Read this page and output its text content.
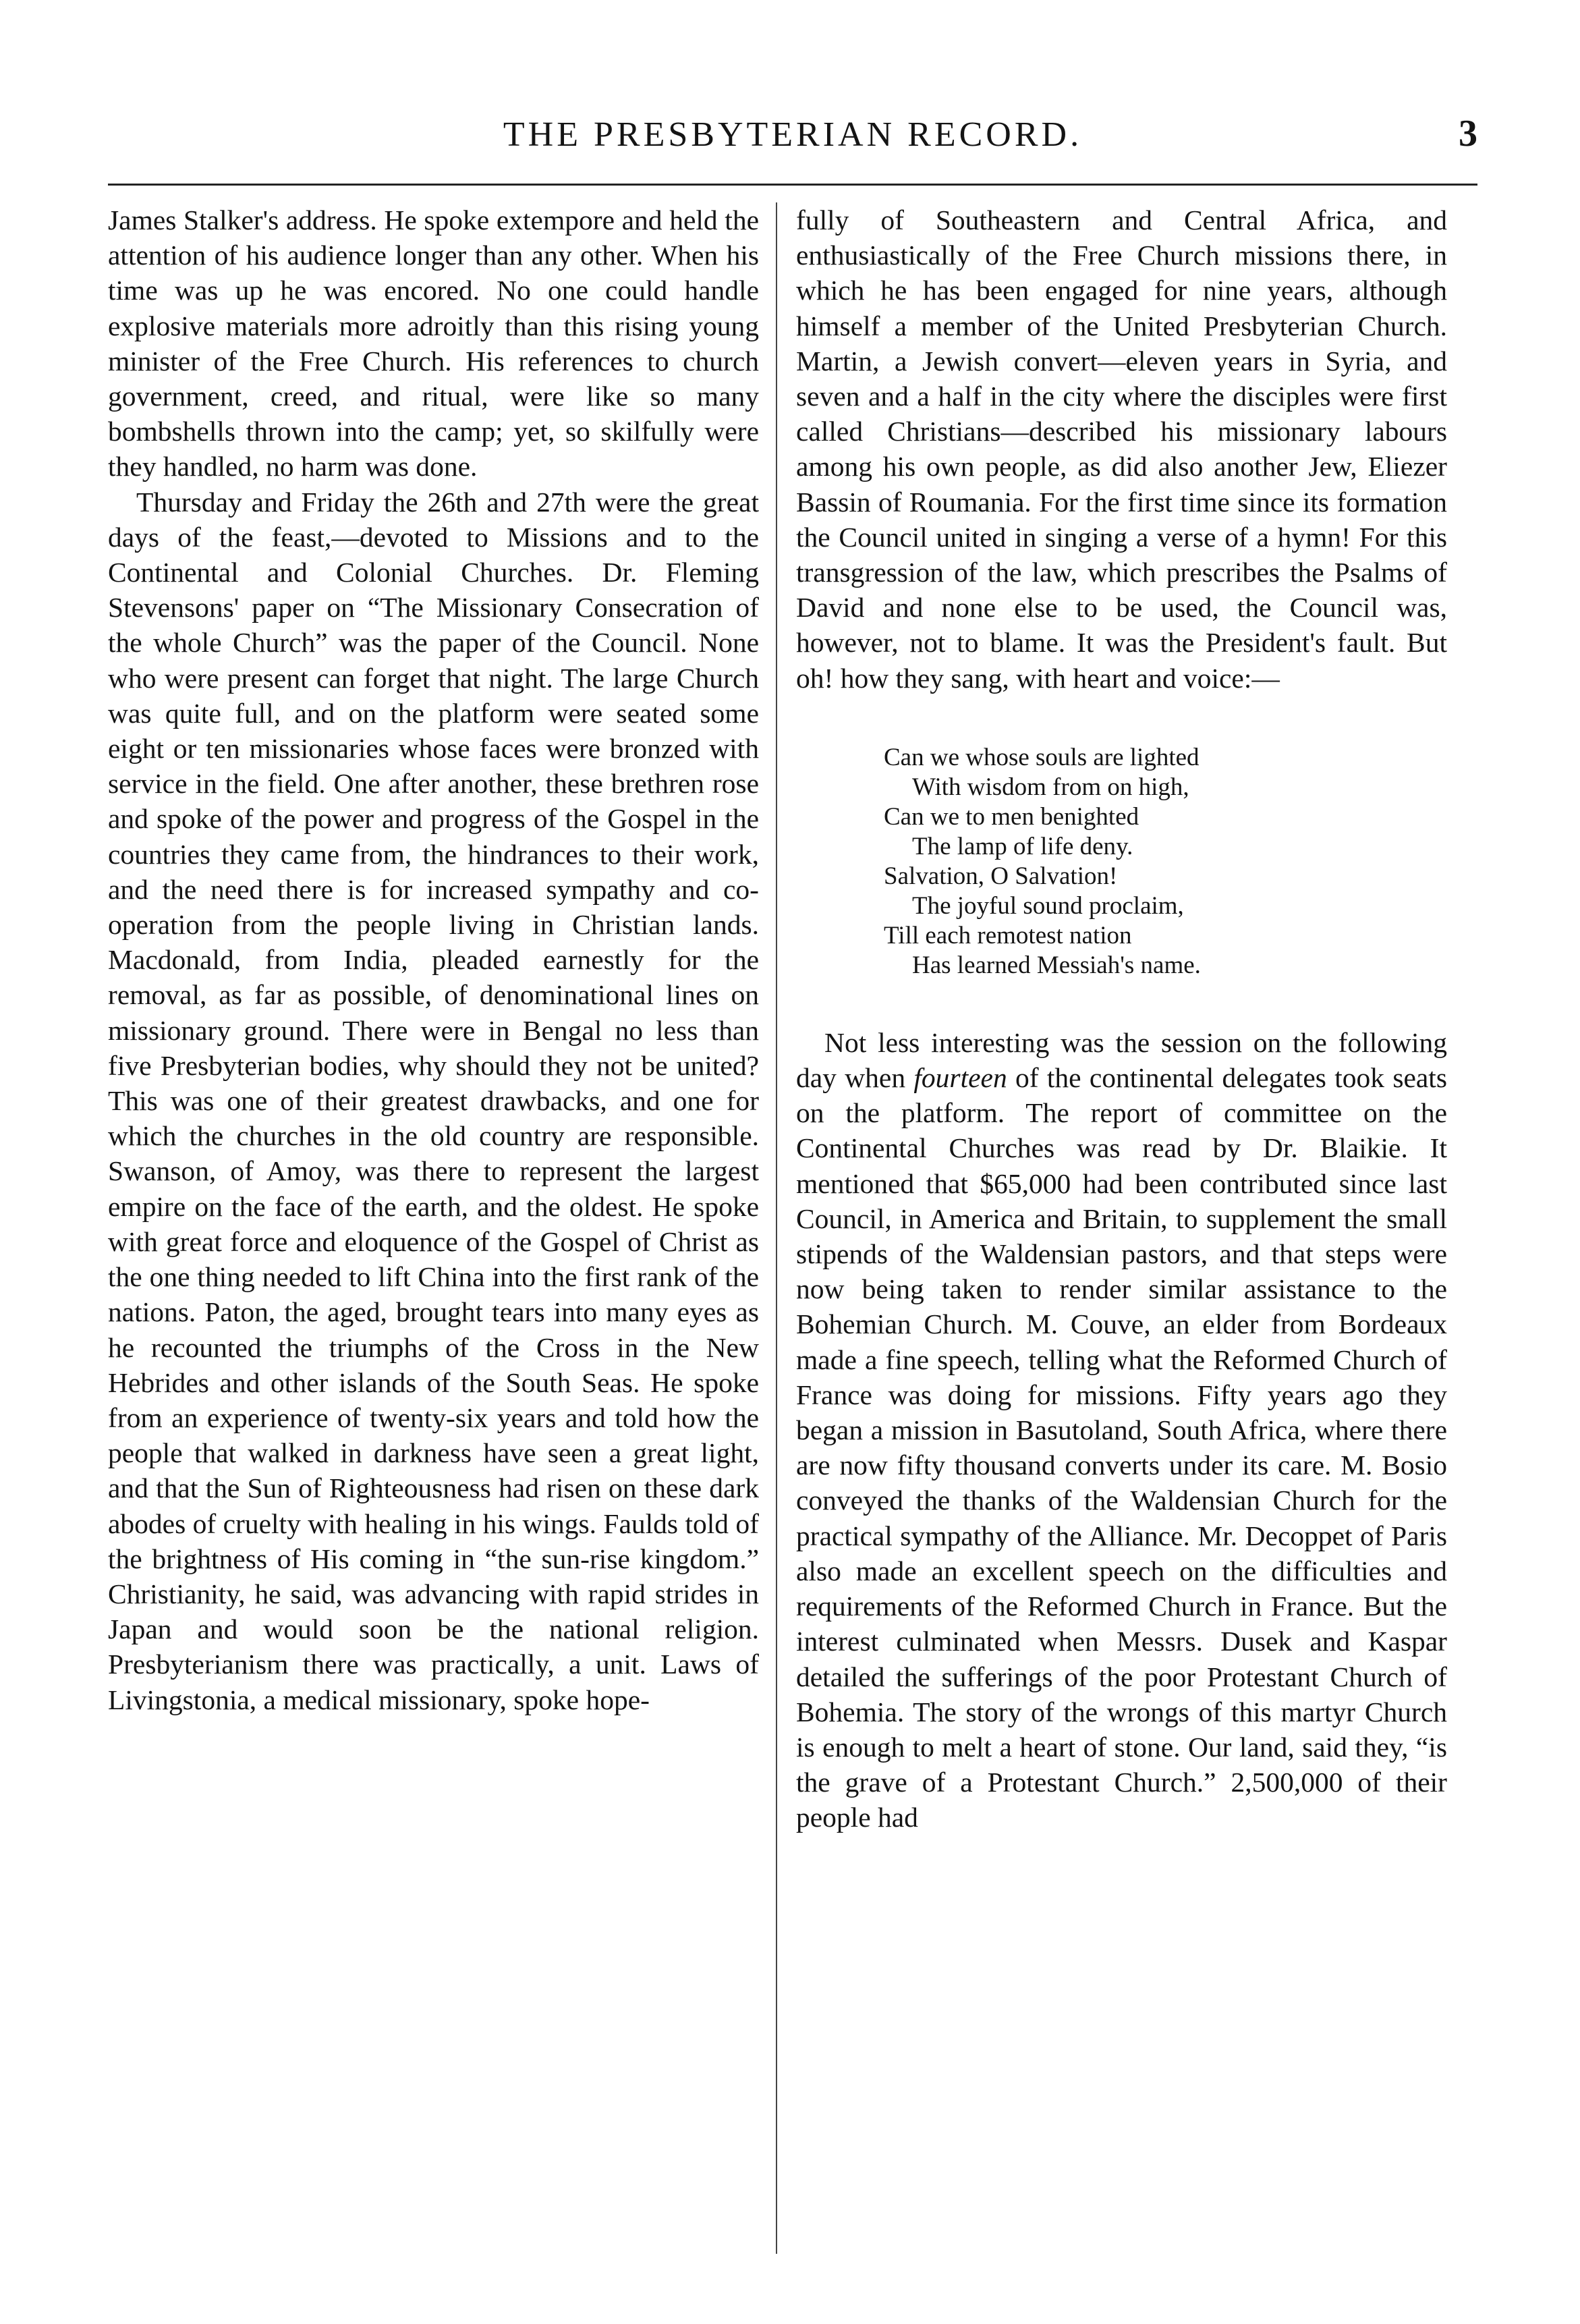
THE PRESBYTERIAN RECORD.	3

James Stalker's address. He spoke extempore and held the attention of his audience longer than any other. When his time was up he was encored. No one could handle explosive materials more adroitly than this rising young minister of the Free Church. His references to church government, creed, and ritual, were like so many bombshells thrown into the camp; yet, so skilfully were they handled, no harm was done.

Thursday and Friday the 26th and 27th were the great days of the feast,—devoted to Missions and to the Continental and Colonial Churches. Dr. Fleming Stevensons' paper on “The Missionary Consecration of the whole Church” was the paper of the Council. None who were present can forget that night. The large Church was quite full, and on the platform were seated some eight or ten missionaries whose faces were bronzed with service in the field. One after another, these brethren rose and spoke of the power and progress of the Gospel in the countries they came from, the hindrances to their work, and the need there is for increased sympathy and co-operation from the people living in Christian lands. Macdonald, from India, pleaded earnestly for the removal, as far as possible, of denominational lines on missionary ground. There were in Bengal no less than five Presbyterian bodies, why should they not be united? This was one of their greatest drawbacks, and one for which the churches in the old country are responsible. Swanson, of Amoy, was there to represent the largest empire on the face of the earth, and the oldest. He spoke with great force and eloquence of the Gospel of Christ as the one thing needed to lift China into the first rank of the nations. Paton, the aged, brought tears into many eyes as he recounted the triumphs of the Cross in the New Hebrides and other islands of the South Seas. He spoke from an experience of twenty-six years and told how the people that walked in darkness have seen a great light, and that the Sun of Righteousness had risen on these dark abodes of cruelty with healing in his wings. Faulds told of the brightness of His coming in “the sun-rise kingdom.” Christianity, he said, was advancing with rapid strides in Japan and would soon be the national religion. Presbyterianism there was practically, a unit. Laws of Livingstonia, a medical missionary, spoke hope-

fully of Southeastern and Central Africa, and enthusiastically of the Free Church missions there, in which he has been engaged for nine years, although himself a member of the United Presbyterian Church. Martin, a Jewish convert—eleven years in Syria, and seven and a half in the city where the disciples were first called Christians—described his missionary labours among his own people, as did also another Jew, Eliezer Bassin of Roumania. For the first time since its formation the Council united in singing a verse of a hymn! For this transgression of the law, which prescribes the Psalms of David and none else to be used, the Council was, however, not to blame. It was the President's fault. But oh! how they sang, with heart and voice:—

Can we whose souls are lighted
With wisdom from on high,
Can we to men benighted
The lamp of life deny.
Salvation, O Salvation!
The joyful sound proclaim,
Till each remotest nation
Has learned Messiah's name.

Not less interesting was the session on the following day when fourteen of the continental delegates took seats on the platform. The report of committee on the Continental Churches was read by Dr. Blaikie. It mentioned that $65,000 had been contributed since last Council, in America and Britain, to supplement the small stipends of the Waldensian pastors, and that steps were now being taken to render similar assistance to the Bohemian Church. M. Couve, an elder from Bordeaux made a fine speech, telling what the Reformed Church of France was doing for missions. Fifty years ago they began a mission in Basutoland, South Africa, where there are now fifty thousand converts under its care. M. Bosio conveyed the thanks of the Waldensian Church for the practical sympathy of the Alliance. Mr. Decoppet of Paris also made an excellent speech on the difficulties and requirements of the Reformed Church in France. But the interest culminated when Messrs. Dusek and Kaspar detailed the sufferings of the poor Protestant Church of Bohemia. The story of the wrongs of this martyr Church is enough to melt a heart of stone. Our land, said they, “is the grave of a Protestant Church.” 2,500,000 of their people had
